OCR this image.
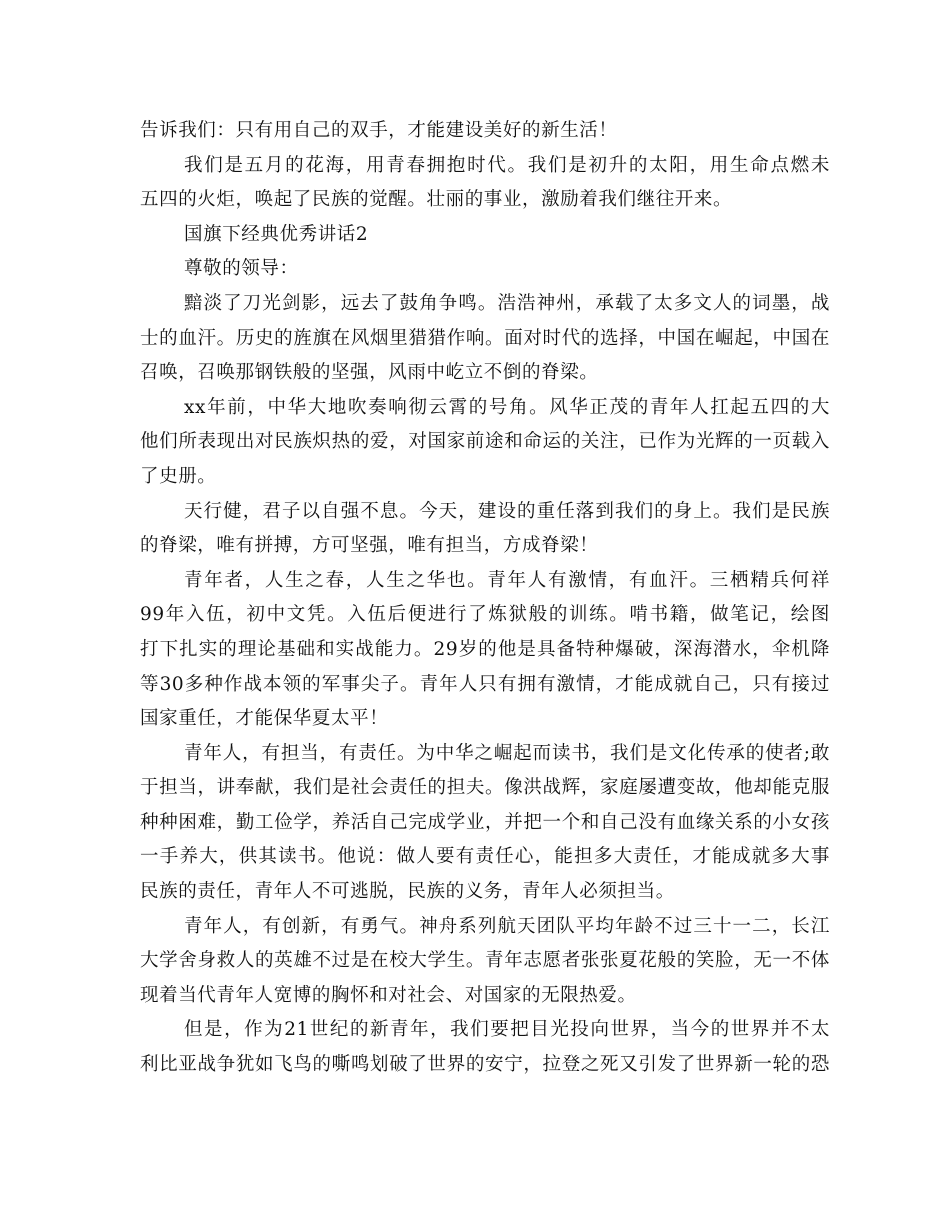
告诉我们：只有用自己的双手，才能建设美好的新生活！
我们是五月的花海，用青春拥抱时代。我们是初升的太阳，用生命点燃未
五四的火炬，唤起了民族的觉醒。壮丽的事业，激励着我们继往开来。
国旗下经典优秀讲话2
尊敬的领导：
黯淡了刀光剑影，远去了鼓角争鸣。浩浩神州，承载了太多文人的词墨，战
士的血汗。历史的旌旗在风烟里猎猎作响。面对时代的选择，中国在崛起，中国在
召唤，召唤那钢铁般的坚强，风雨中屹立不倒的脊梁。
xx年前，中华大地吹奏响彻云霄的号角。风华正茂的青年人扛起五四的大
他们所表现出对民族炽热的爱，对国家前途和命运的关注，已作为光辉的一页载入
了史册。
天行健，君子以自强不息。今天，建设的重任落到我们的身上。我们是民族
的脊梁，唯有拼搏，方可坚强，唯有担当，方成脊梁！
青年者，人生之春，人生之华也。青年人有激情，有血汗。三栖精兵何祥
99年入伍，初中文凭。入伍后便进行了炼狱般的训练。啃书籍，做笔记，绘图
打下扎实的理论基础和实战能力。29岁的他是具备特种爆破，深海潜水，伞机降
等30多种作战本领的军事尖子。青年人只有拥有激情，才能成就自己，只有接过
国家重任，才能保华夏太平！
青年人，有担当，有责任。为中华之崛起而读书，我们是文化传承的使者;敢
于担当，讲奉献，我们是社会责任的担夫。像洪战辉，家庭屡遭变故，他却能克服
种种困难，勤工俭学，养活自己完成学业，并把一个和自己没有血缘关系的小女孩
一手养大，供其读书。他说：做人要有责任心，能担多大责任，才能成就多大事
民族的责任，青年人不可逃脱，民族的义务，青年人必须担当。
青年人，有创新，有勇气。神舟系列航天团队平均年龄不过三十一二，长江
大学舍身救人的英雄不过是在校大学生。青年志愿者张张夏花般的笑脸，无一不体
现着当代青年人宽博的胸怀和对社会、对国家的无限热爱。
但是，作为21世纪的新青年，我们要把目光投向世界，当今的世界并不太
利比亚战争犹如飞鸟的嘶鸣划破了世界的安宁，拉登之死又引发了世界新一轮的恐
